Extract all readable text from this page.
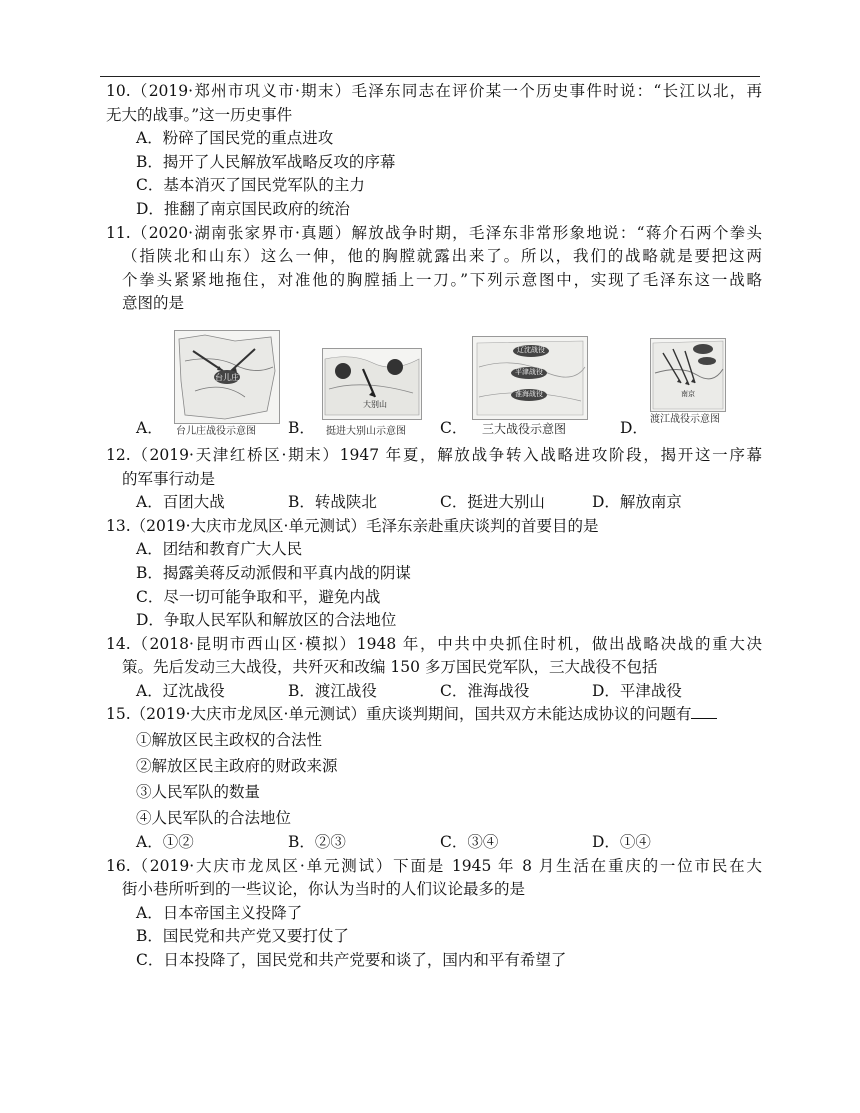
10.（2019·郑州市巩义市·期末）毛泽东同志在评价某一个历史事件时说：“长江以北，再
无大的战事。”这一历史事件
A．粉碎了国民党的重点进攻
B．揭开了人民解放军战略反攻的序幕
C．基本消灭了国民党军队的主力
D．推翻了南京国民政府的统治
11.（2020·湖南张家界市·真题）解放战争时期，毛泽东非常形象地说：“蒋介石两个拳头
（指陕北和山东）这么一伸，他的胸膛就露出来了。所以，我们的战略就是要把这两
个拳头紧紧地拖住，对准他的胸膛插上一刀。”下列示意图中，实现了毛泽东这一战略
意图的是
A．
台儿庄
台儿庄战役示意图 B．
大别山
挺进大别山示意图 C．
辽沈战役
平津战役
淮海战役
三大战役示意图	D．
南京
渡江战役示意图
12.（2019·天津红桥区·期末）1947 年夏，解放战争转入战略进攻阶段，揭开这一序幕
的军事行动是
A．百团大战	B．转战陕北	C．挺进大别山	D．解放南京
13.（2019·大庆市龙凤区·单元测试）毛泽东亲赴重庆谈判的首要目的是
A．团结和教育广大人民
B．揭露美蒋反动派假和平真内战的阴谋
C．尽一切可能争取和平，避免内战
D．争取人民军队和解放区的合法地位
14.（2018·昆明市西山区·模拟）1948 年，中共中央抓住时机，做出战略决战的重大决
策。先后发动三大战役，共歼灭和改编 150 多万国民党军队，三大战役不包括
A．辽沈战役	B．渡江战役	C．淮海战役	D．平津战役
15.（2019·大庆市龙凤区·单元测试）重庆谈判期间，国共双方未能达成协议的问题有
①解放区民主政权的合法性
②解放区民主政府的财政来源
③人民军队的数量
④人民军队的合法地位
A．①②	B．②③	C．③④	D．①④
16.（2019·大庆市龙凤区·单元测试）下面是 1945 年 8 月生活在重庆的一位市民在大
街小巷所听到的一些议论，你认为当时的人们议论最多的是
A．日本帝国主义投降了
B．国民党和共产党又要打仗了
C．日本投降了，国民党和共产党要和谈了，国内和平有希望了
